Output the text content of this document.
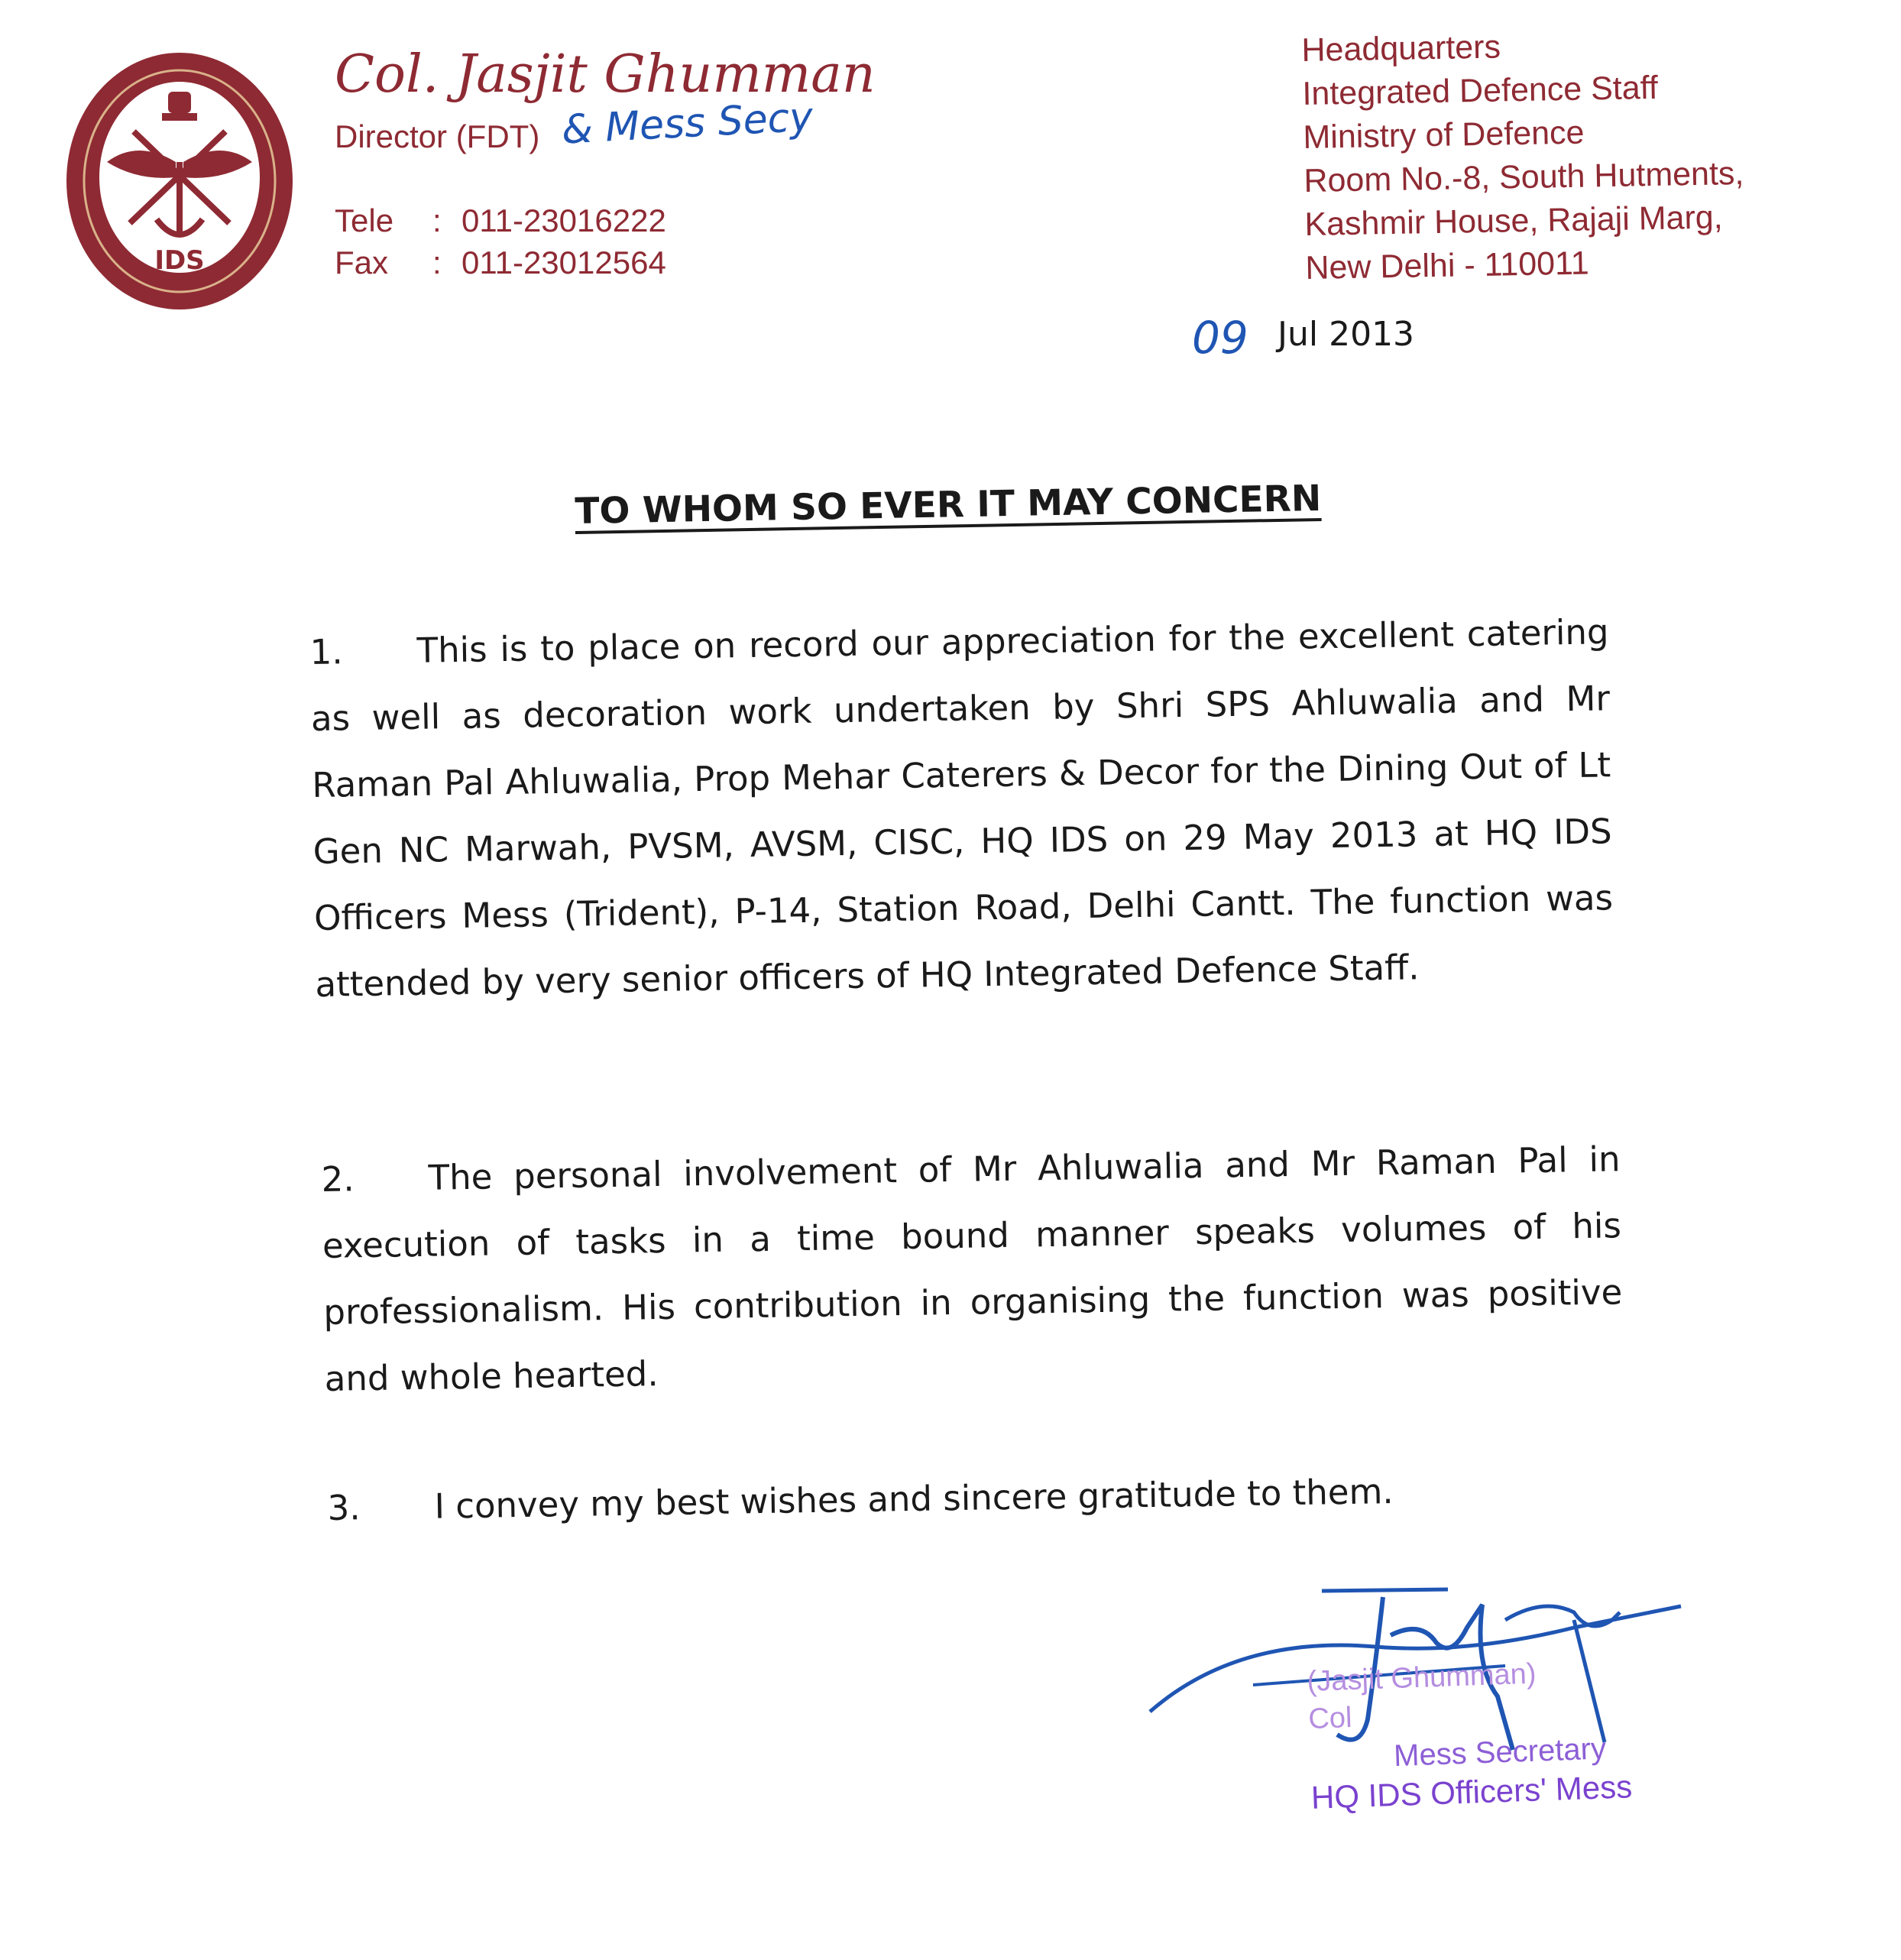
IDS
Col. Jasjit Ghumman
Director (FDT) & Mess Secy
Tele : 011-23016222
Fax : 011-23012564
Headquarters
Integrated Defence Staff
Ministry of Defence
Room No.-8, South Hutments,
Kashmir House, Rajaji Marg,
New Delhi - 110011
09 Jul 2013
TO WHOM SO EVER IT MAY CONCERN
1. This is to place on record our appreciation for the excellent catering as well as decoration work undertaken by Shri SPS Ahluwalia and Mr Raman Pal Ahluwalia, Prop Mehar Caterers & Decor for the Dining Out of Lt Gen NC Marwah, PVSM, AVSM, CISC, HQ IDS on 29 May 2013 at HQ IDS Officers Mess (Trident), P-14, Station Road, Delhi Cantt. The function was attended by very senior officers of HQ Integrated Defence Staff.
2. The personal involvement of Mr Ahluwalia and Mr Raman Pal in execution of tasks in a time bound manner speaks volumes of his professionalism. His contribution in organising the function was positive and whole hearted.
3. I convey my best wishes and sincere gratitude to them.
(Jasjit Ghumman)
Col
Mess Secretary
HQ IDS Officers' Mess
